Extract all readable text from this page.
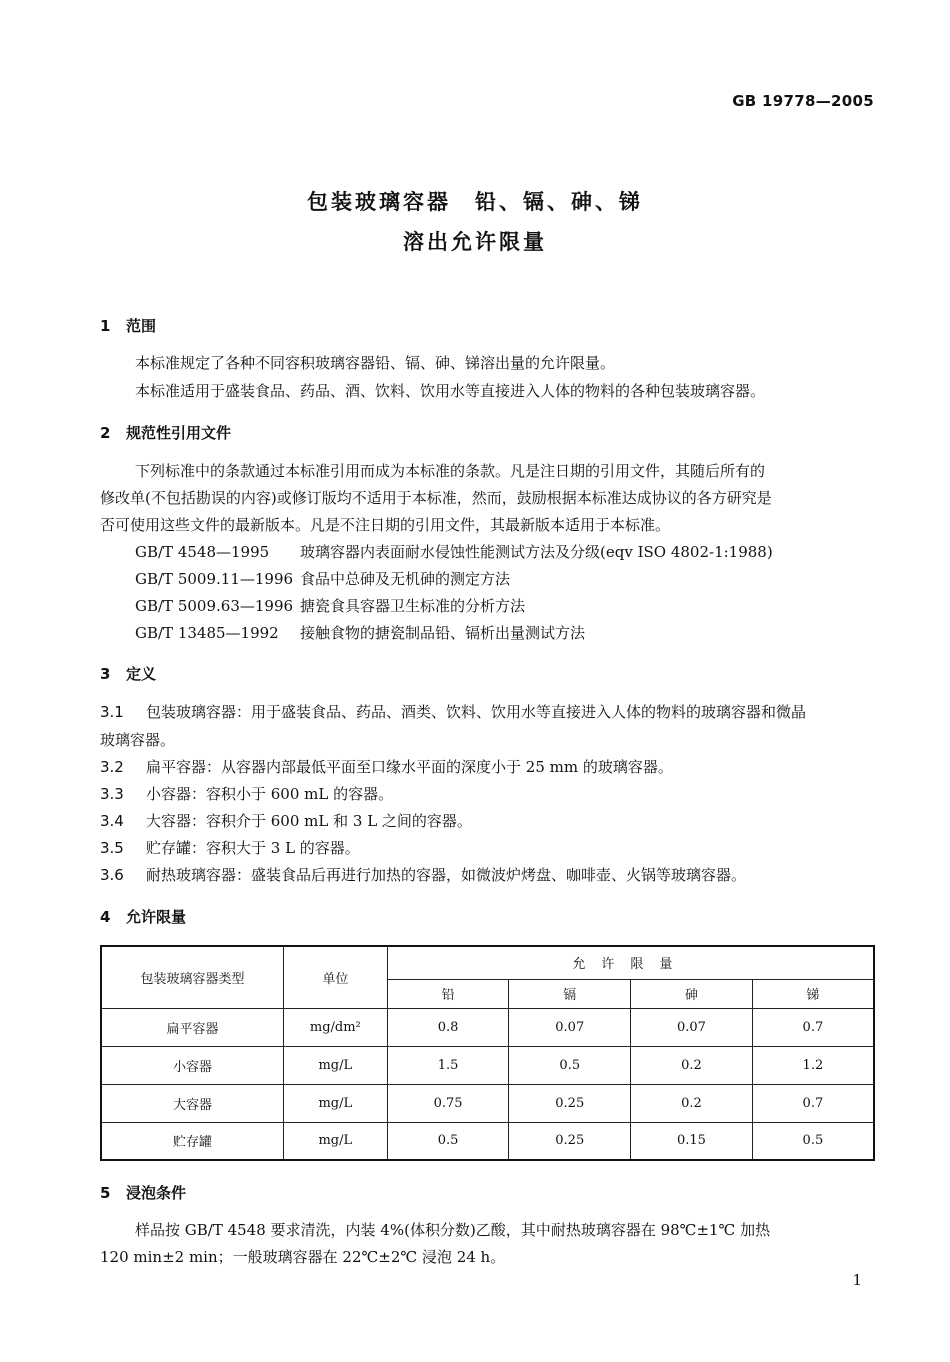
GB 19778—2005
包装玻璃容器　铅、镉、砷、锑
溶出允许限量
1 范围
本标准规定了各种不同容积玻璃容器铅、镉、砷、锑溶出量的允许限量。
本标准适用于盛装食品、药品、酒、饮料、饮用水等直接进入人体的物料的各种包装玻璃容器。
2 规范性引用文件
下列标准中的条款通过本标准引用而成为本标准的条款。凡是注日期的引用文件，其随后所有的
修改单(不包括勘误的内容)或修订版均不适用于本标准，然而，鼓励根据本标准达成协议的各方研究是
否可使用这些文件的最新版本。凡是不注日期的引用文件，其最新版本适用于本标准。
GB/T 4548—1995 玻璃容器内表面耐水侵蚀性能测试方法及分级(eqv ISO 4802-1:1988)
GB/T 5009.11—1996 食品中总砷及无机砷的测定方法
GB/T 5009.63—1996 搪瓷食具容器卫生标准的分析方法
GB/T 13485—1992 接触食物的搪瓷制品铅、镉析出量测试方法
3 定义
3.1 包装玻璃容器：用于盛装食品、药品、酒类、饮料、饮用水等直接进入人体的物料的玻璃容器和微晶
玻璃容器。
3.2 扁平容器：从容器内部最低平面至口缘水平面的深度小于 25 mm 的玻璃容器。
3.3 小容器：容积小于 600 mL 的容器。
3.4 大容器：容积介于 600 mL 和 3 L 之间的容器。
3.5 贮存罐：容积大于 3 L 的容器。
3.6 耐热玻璃容器：盛装食品后再进行加热的容器，如微波炉烤盘、咖啡壶、火锅等玻璃容器。
4 允许限量
包装玻璃容器类型	单位	允许限量			
		铅	镉	砷	锑
扁平容器	mg/dm²	0.8	0.07	0.07	0.7
小容器	mg/L	1.5	0.5	0.2	1.2
大容器	mg/L	0.75	0.25	0.2	0.7
贮存罐	mg/L	0.5	0.25	0.15	0.5
5 浸泡条件
样品按 GB/T 4548 要求清洗，内装 4%(体积分数)乙酸，其中耐热玻璃容器在 98℃±1℃ 加热
120 min±2 min；一般玻璃容器在 22℃±2℃ 浸泡 24 h。
1
